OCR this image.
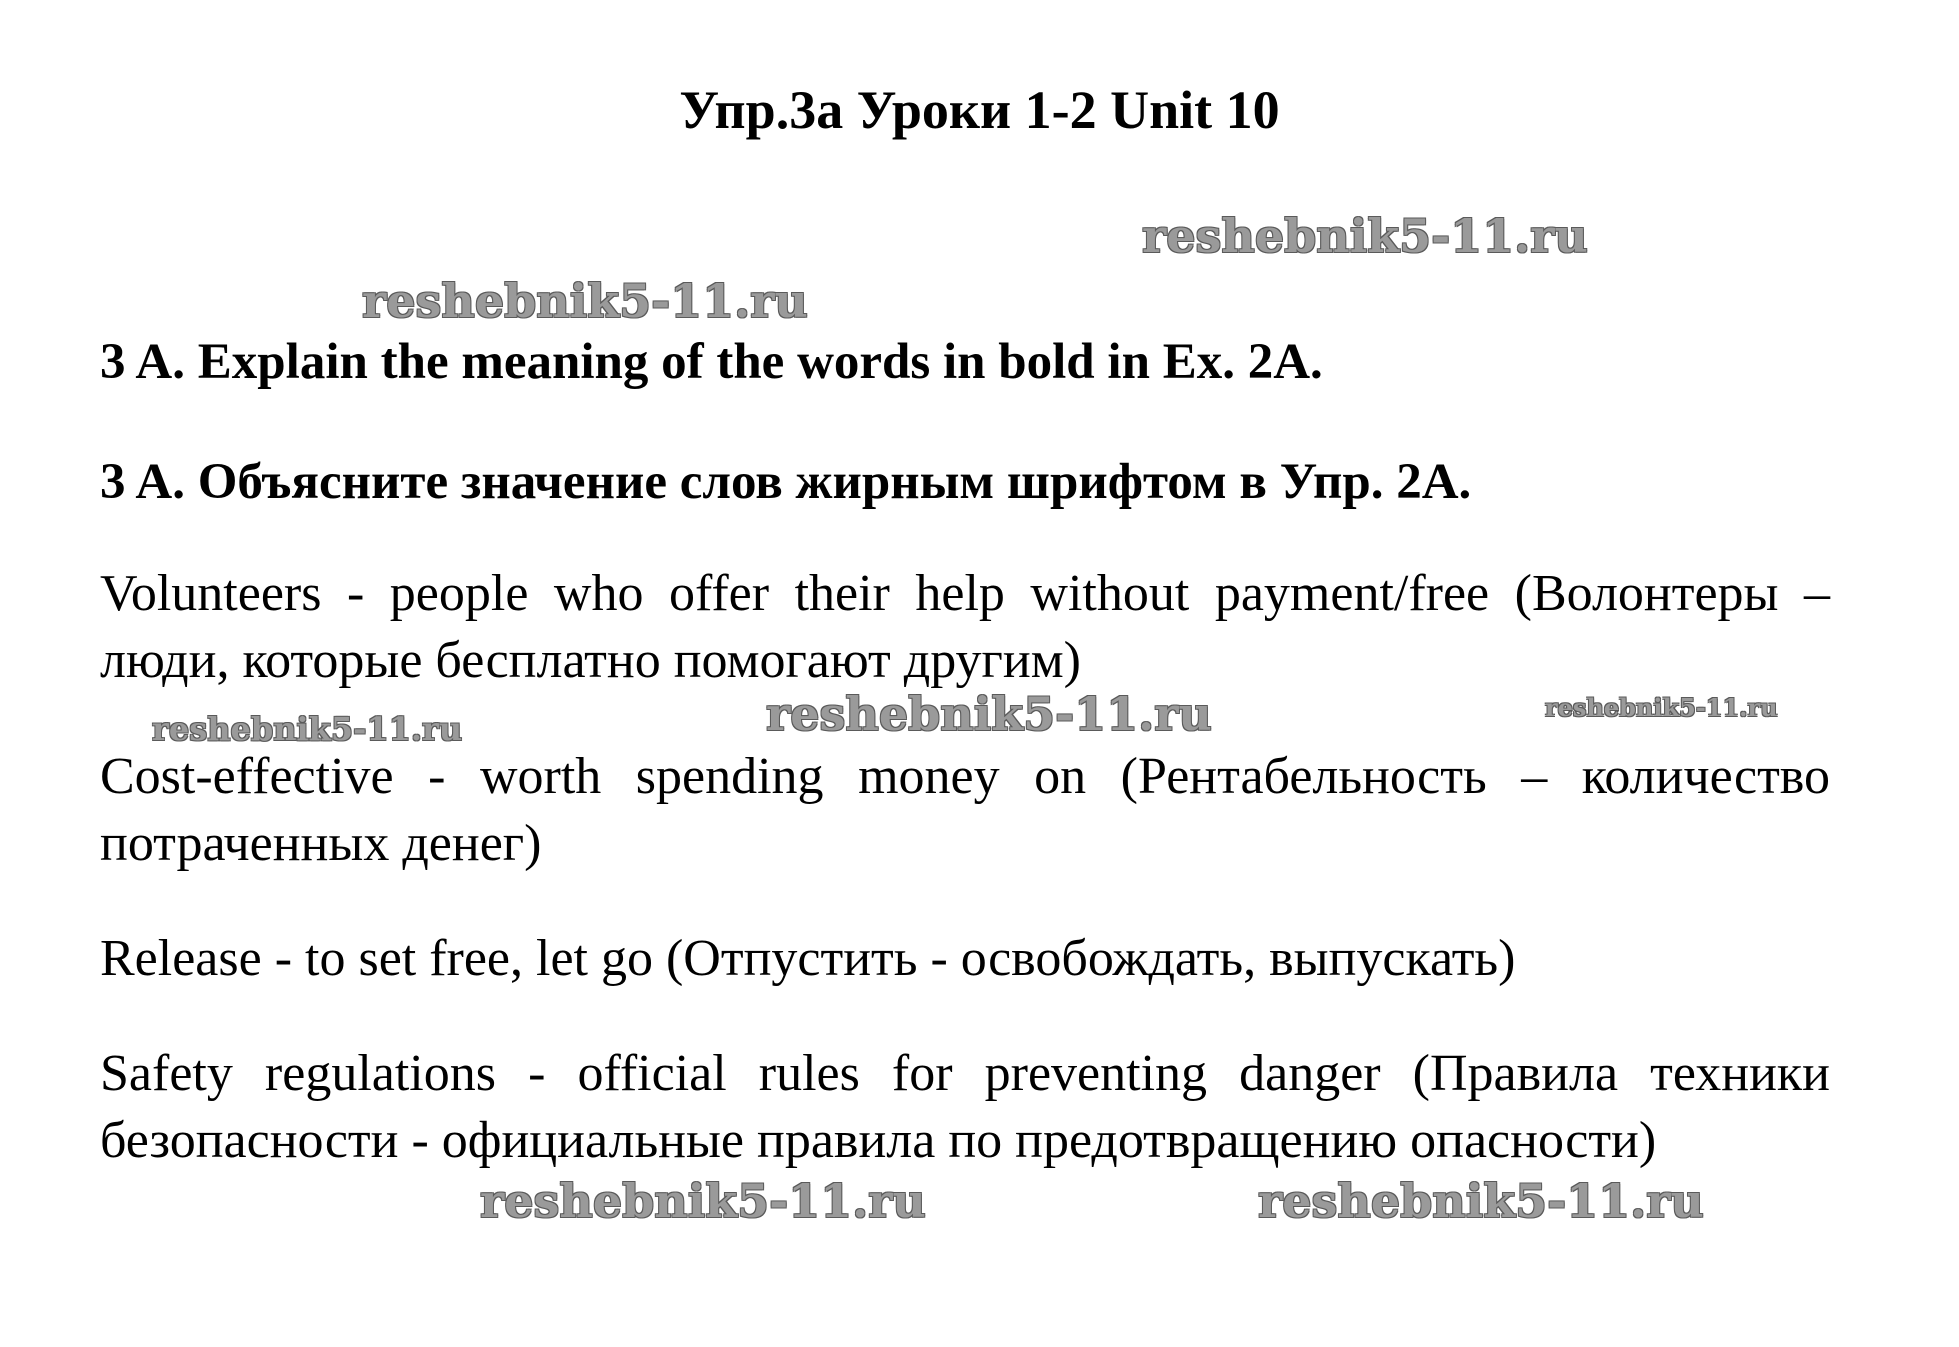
Упр.3а Уроки 1-2 Unit 10
reshebnik5-11.ru
reshebnik5-11.ru
3 A. Explain the meaning of the words in bold in Ex. 2A.
3 A. Объясните значение слов жирным шрифтом в Упр. 2А.
Volunteers - people who offer their help without payment/free (Волонтеры – люди, которые бесплатно помогают другим)
reshebnik5-11.ru
reshebnik5-11.ru
reshebnik5-11.ru
Cost-effective - worth spending money on (Рентабельность – количество потраченных денег)
Release - to set free, let go (Отпустить - освобождать, выпускать)
Safety regulations - official rules for preventing danger (Правила техники безопасности - официальные правила по предотвращению опасности)
reshebnik5-11.ru	reshebnik5-11.ru
